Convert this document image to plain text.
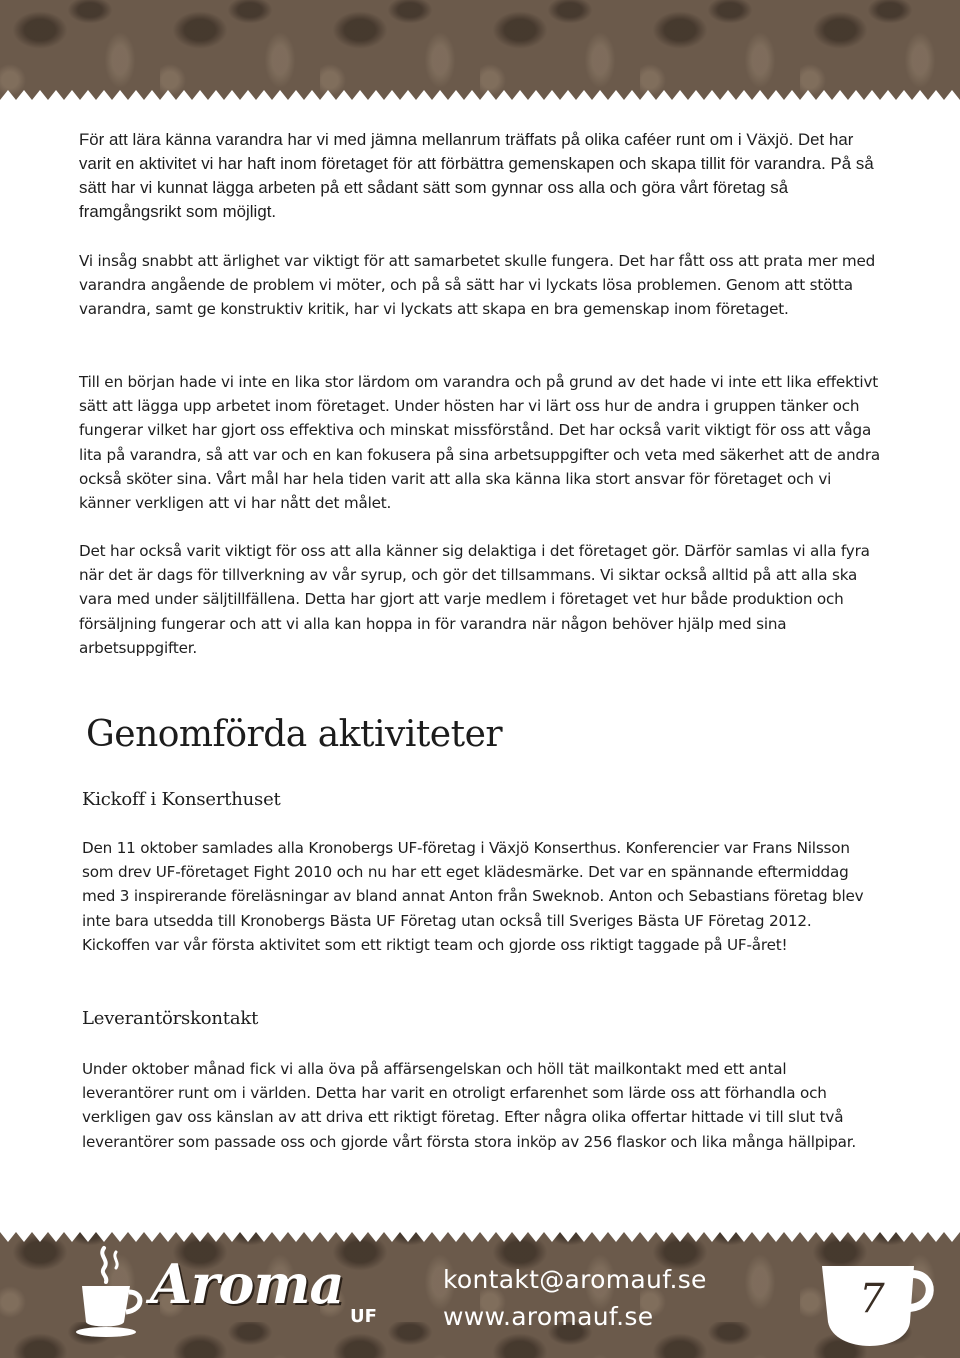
För att lära känna varandra har vi med jämna mellanrum träffats på olika caféer runt om i Växjö. Det har varit en aktivitet vi har haft inom företaget för att förbättra gemenskapen och skapa tillit för varandra. På så sätt har vi kunnat lägga arbeten på ett sådant sätt som gynnar oss alla och göra vårt företag så framgångsrikt som möjligt.

Vi insåg snabbt att ärlighet var viktigt för att samarbetet skulle fungera. Det har fått oss att prata mer med varandra angående de problem vi möter, och på så sätt har vi lyckats lösa problemen. Genom att stötta varandra, samt ge konstruktiv kritik, har vi lyckats att skapa en bra gemenskap inom företaget.

Till en början hade vi inte en lika stor lärdom om varandra och på grund av det hade vi inte ett lika effektivt sätt att lägga upp arbetet inom företaget. Under hösten har vi lärt oss hur de andra i gruppen tänker och fungerar vilket har gjort oss effektiva och minskat missförstånd. Det har också varit viktigt för oss att våga lita på varandra, så att var och en kan fokusera på sina arbetsuppgifter och veta med säkerhet att de andra också sköter sina. Vårt mål har hela tiden varit att alla ska känna lika stort ansvar för företaget och vi känner verkligen att vi har nått det målet.

Det har också varit viktigt för oss att alla känner sig delaktiga i det företaget gör. Därför samlas vi alla fyra när det är dags för tillverkning av vår syrup, och gör det tillsammans. Vi siktar också alltid på att alla ska vara med under säljtillfällena. Detta har gjort att varje medlem i företaget vet hur både produktion och försäljning fungerar och att vi alla kan hoppa in för varandra när någon behöver hjälp med sina arbetsuppgifter.

Genomförda aktiviteter
Kickoff i Konserthuset

Den 11 oktober samlades alla Kronobergs UF-företag i Växjö Konserthus. Konferencier var Frans Nilsson som drev UF-företaget Fight 2010 och nu har ett eget klädesmärke. Det var en spännande eftermiddag med 3 inspirerande föreläsningar av bland annat Anton från Sweknob. Anton och Sebastians företag blev inte bara utsedda till Kronobergs Bästa UF Företag utan också till Sveriges Bästa UF Företag 2012. Kickoffen var vår första aktivitet som ett riktigt team och gjorde oss riktigt taggade på UF-året!

Leverantörskontakt

Under oktober månad fick vi alla öva på affärsengelskan och höll tät mailkontakt med ett antal leverantörer runt om i världen. Detta har varit en otroligt erfarenhet som lärde oss att förhandla och verkligen gav oss känslan av att driva ett riktigt företag. Efter några olika offertar hittade vi till slut två leverantörer som passade oss och gjorde vårt första stora inköp av 256 flaskor och lika många hällpipar.

Aroma
UF
kontakt@aromauf.se
www.aromauf.se	7
